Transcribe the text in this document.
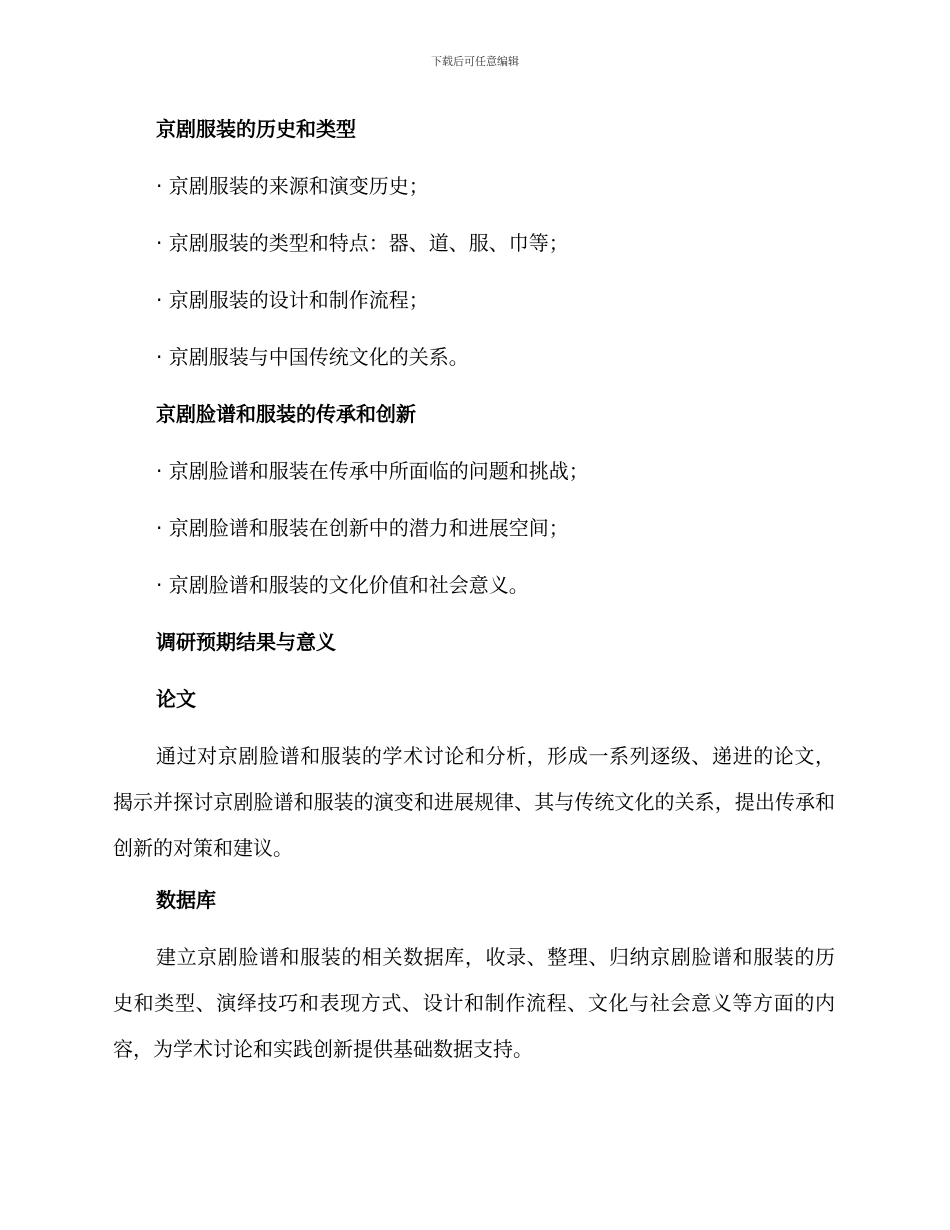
下载后可任意编辑

京剧服装的历史和类型

· 京剧服装的来源和演变历史；

· 京剧服装的类型和特点：器、道、服、巾等；

· 京剧服装的设计和制作流程；

· 京剧服装与中国传统文化的关系。

京剧脸谱和服装的传承和创新

· 京剧脸谱和服装在传承中所面临的问题和挑战；

· 京剧脸谱和服装在创新中的潜力和进展空间；

· 京剧脸谱和服装的文化价值和社会意义。

调研预期结果与意义

论文

通过对京剧脸谱和服装的学术讨论和分析，形成一系列逐级、递进的论文，揭示并探讨京剧脸谱和服装的演变和进展规律、其与传统文化的关系，提出传承和创新的对策和建议。

数据库

建立京剧脸谱和服装的相关数据库，收录、整理、归纳京剧脸谱和服装的历史和类型、演绎技巧和表现方式、设计和制作流程、文化与社会意义等方面的内容，为学术讨论和实践创新提供基础数据支持。
